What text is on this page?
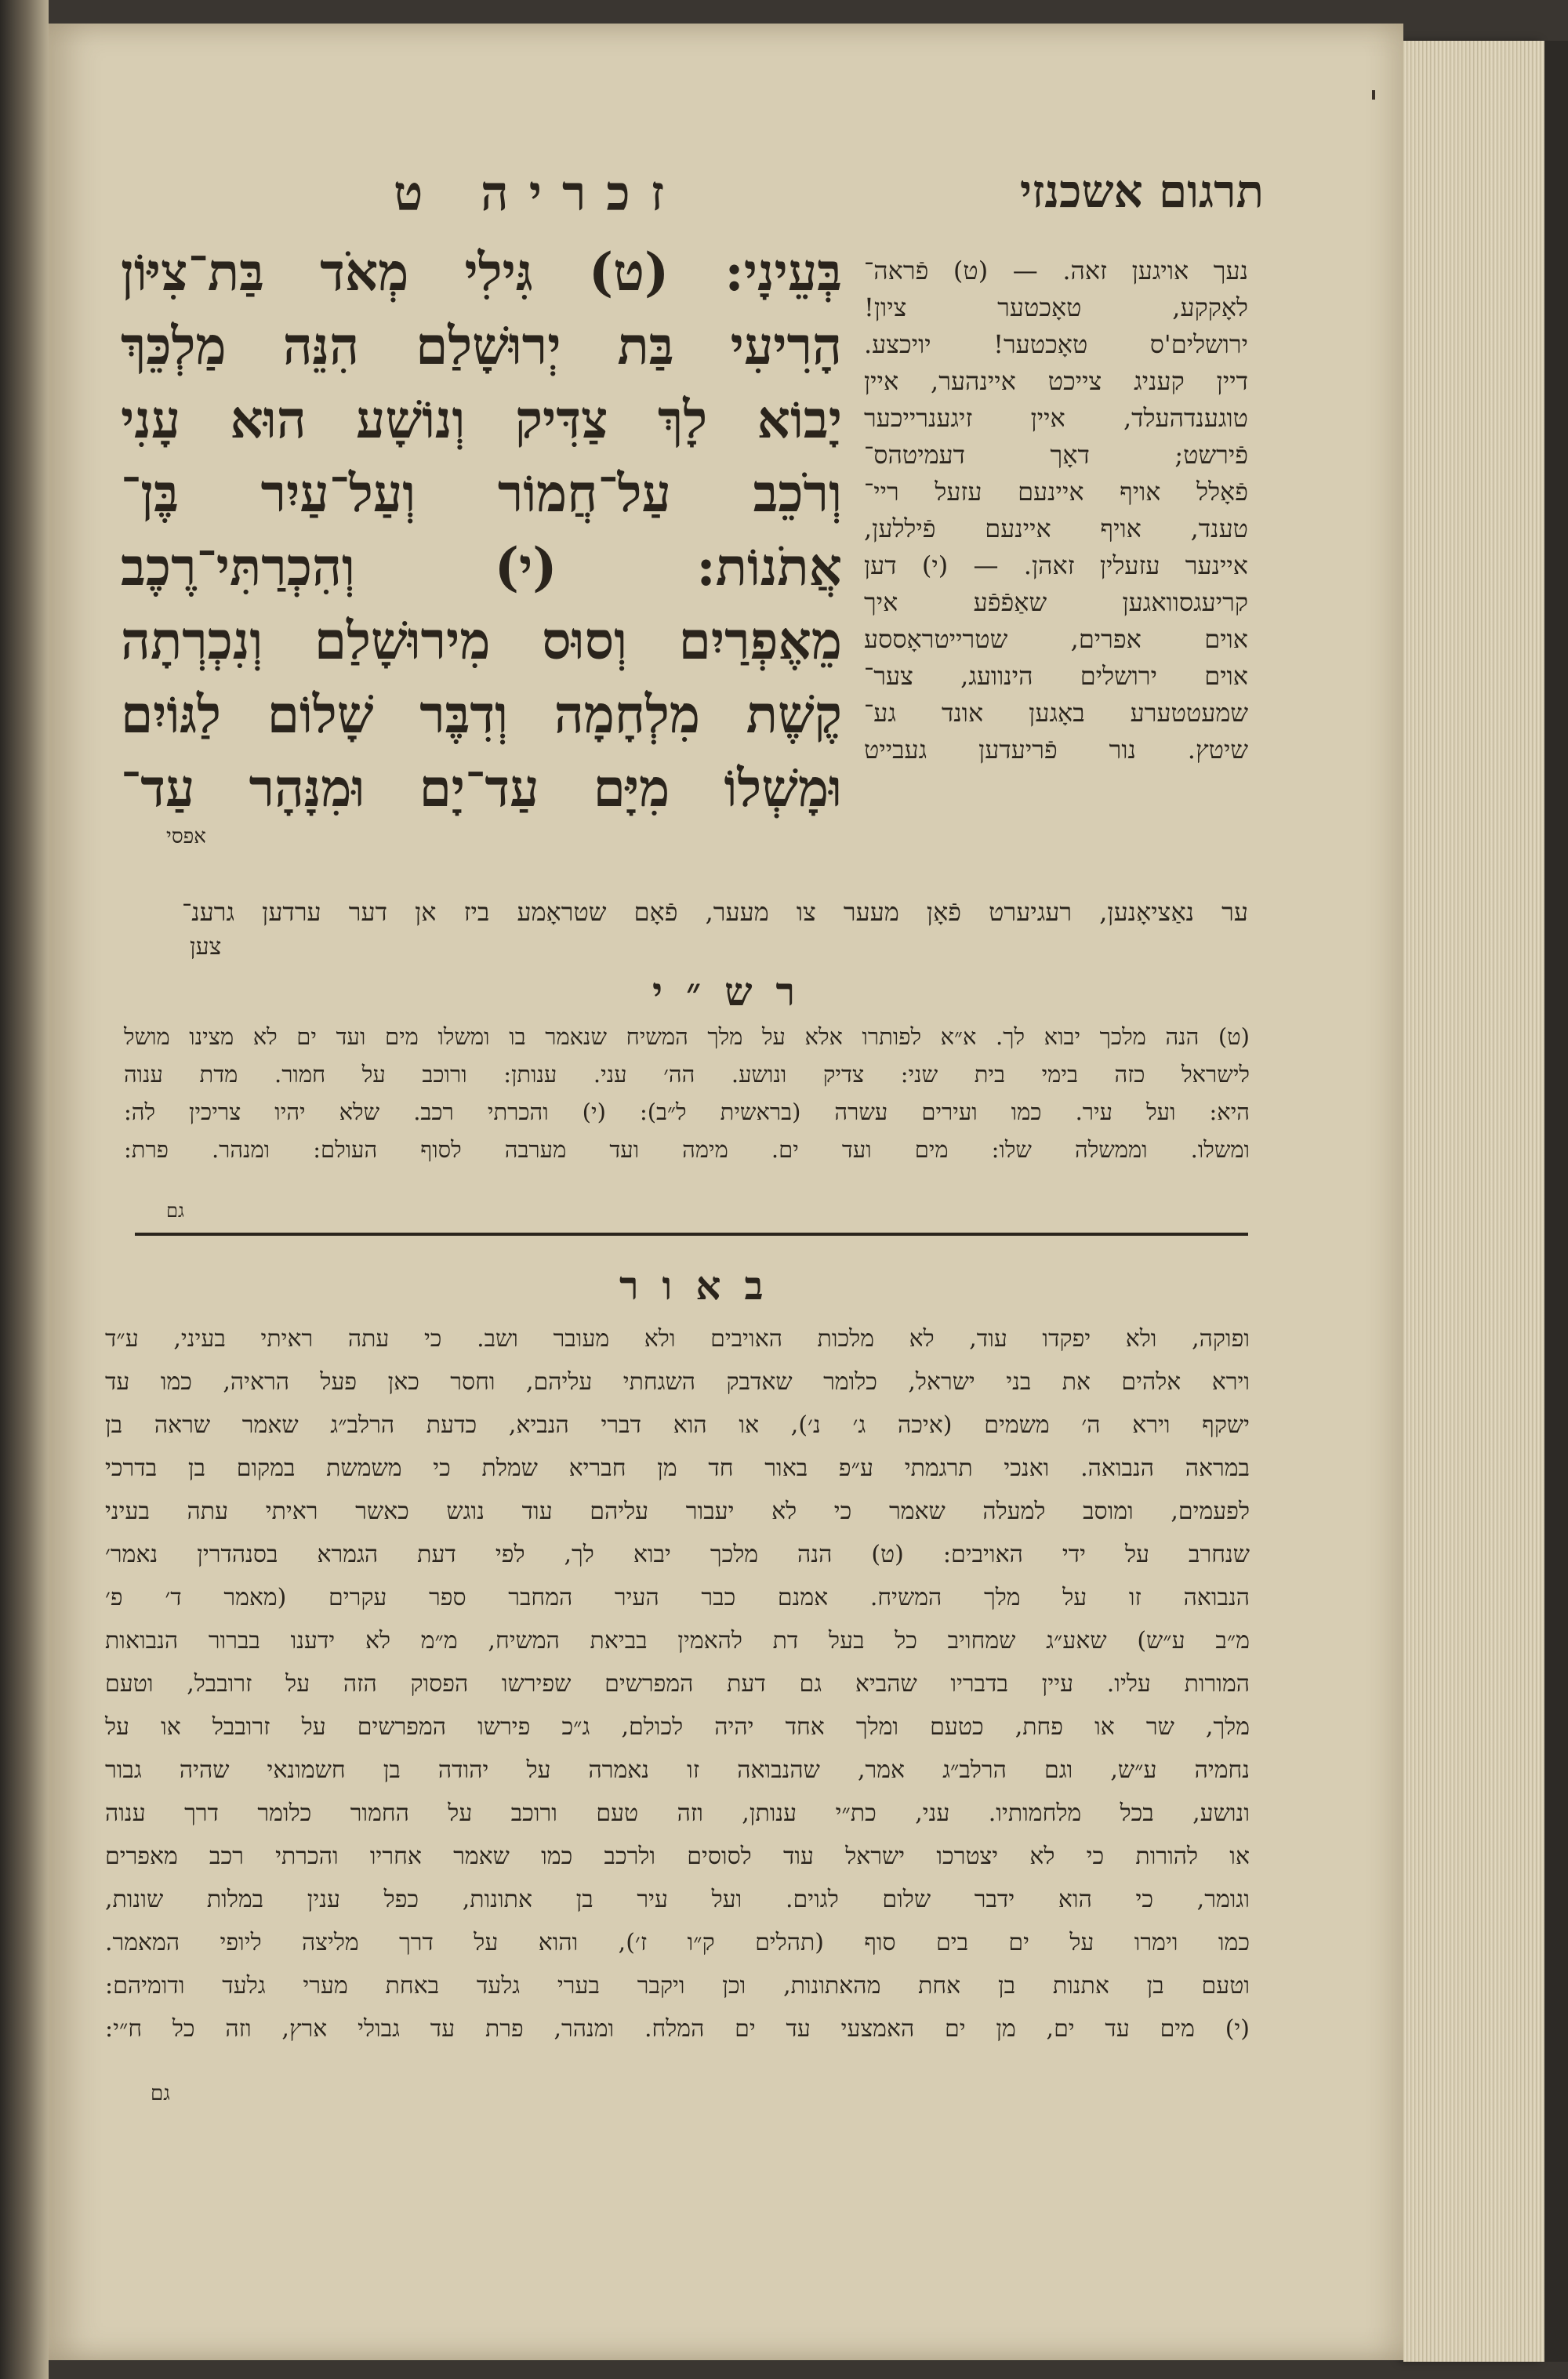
תרגום אשכנזי
זכריה ט
בְּעֵינָי: (ט) גִּילִי מְאֹד בַּת־צִיּוֹן
הָרִיעִי בַּת יְרוּשָׁלַם הִנֵּה מַלְכֵּךְ
יָבוֹא לָךְ צַדִּיק וְנוֹשָׁע הוּא עָנִי
וְרֹכֵב עַל־חֲמוֹר וְעַל־עַיִר בֶּן־
אֲתֹנוֹת: (י) וְהִכְרַתִּי־רֶכֶב
מֵאֶפְרַיִם וְסוּס מִירוּשָׁלַם וְנִכְרְתָה
קֶשֶׁת מִלְחָמָה וְדִבֶּר שָׁלוֹם לַגּוֹיִם
וּמָשְׁלוֹ מִיָּם עַד־יָם וּמִנָּהָר עַד־
אפסי
נעך אויגען זאה. — (ט) פֿראה־
לאָקקע, טאָכטער ציון!
ירושלים'ס טאָכטער! יויכצע.
דיין קעניג צייכט איינהער, איין
טוגענדהעלד, איין זיגענרייכער
פֿירשט; דאָך דעמיטהס־
פֿאָלל אויף איינעם עזעל ריי־
טענד, אויף איינעם פֿיללען,
איינער עזעלין זאהן. — (י) דען
קריעגסוואגען שאַפֿפֿע איך
אוים אפרים, שטרייטראָססע
אוים ירושלים הינוועג, צער־
שמעטטערע באָגען אונד גע־
שיטץ. נור פֿריעדען געבייט
ער נאַציאָנען, רעגיערט פֿאָן מעער צו מעער, פֿאָם שטראָמע ביז אן דער ערדען גרענ־
צען
רש״י
(ט) הנה מלכך יבוא לך. א״א לפותרו אלא על מלך המשיח שנאמר בו ומשלו מים ועד ים לא מצינו מושל
לישראל כזה בימי בית שני: צדיק ונושע. הה׳ עני. ענותן: ורוכב על חמור. מדת ענוה
היא: ועל עיר. כמו ועירים עשרה (בראשית ל״ב): (י) והכרתי רכב. שלא יהיו צריכין לה:
ומשלו. וממשלה שלו: מים ועד ים. מימה ועד מערבה לסוף העולם: ומנהר. פרת:
גם
באור
ופוקה, ולא יפקדו עוד, לא מלכות האויבים ולא מעובר ושב. כי עתה ראיתי בעיני, ע״ד
וירא אלהים את בני ישראל, כלומר שאדבק השגחתי עליהם, וחסר כאן פעל הראיה, כמו עד
ישקף וירא ה׳ משמים (איכה ג׳ נ׳), או הוא דברי הנביא, כדעת הרלב״ג שאמר שראה בן
במראה הנבואה. ואנכי תרגמתי ע״פ באור חד מן חבריא שמלת כי משמשת במקום בן בדרכי
לפעמים, ומוסב למעלה שאמר כי לא יעבור עליהם עוד נוגש כאשר ראיתי עתה בעיני
שנחרב על ידי האויבים: (ט) הנה מלכך יבוא לך, לפי דעת הגמרא בסנהדרין נאמר׳
הנבואה זו על מלך המשיח. אמנם כבר העיר המחבר ספר עקרים (מאמר ד׳ פ׳
מ״ב ע״ש) שאע״ג שמחויב כל בעל דת להאמין בביאת המשיח, מ״מ לא ידענו בברור הנבואות
המורות עליו. עיין בדבריו שהביא גם דעת המפרשים שפירשו הפסוק הזה על זרובבל, וטעם
מלך, שר או פחת, כטעם ומלך אחד יהיה לכולם, ג״כ פירשו המפרשים על זרובבל או על
נחמיה ע״ש, וגם הרלב״ג אמר, שהנבואה זו נאמרה על יהודה בן חשמונאי שהיה גבור
ונושע, בכל מלחמותיו. עני, כת״י ענותן, וזה טעם ורוכב על החמור כלומר דרך ענוה
או להורות כי לא יצטרכו ישראל עוד לסוסים ולרכב כמו שאמר אחריו והכרתי רכב מאפרים
וגומר, כי הוא ידבר שלום לגוים. ועל עיר בן אתונות, כפל ענין במלות שונות,
כמו וימרו על ים בים סוף (תהלים ק״ו ז׳), והוא על דרך מליצה ליופי המאמר.
וטעם בן אתנות בן אחת מהאתונות, וכן ויקבר בערי גלעד באחת מערי גלעד ודומיהם:
(י) מים עד ים, מן ים האמצעי עד ים המלח. ומנהר, פרת עד גבולי ארץ, וזה כל ח״י:
גם
